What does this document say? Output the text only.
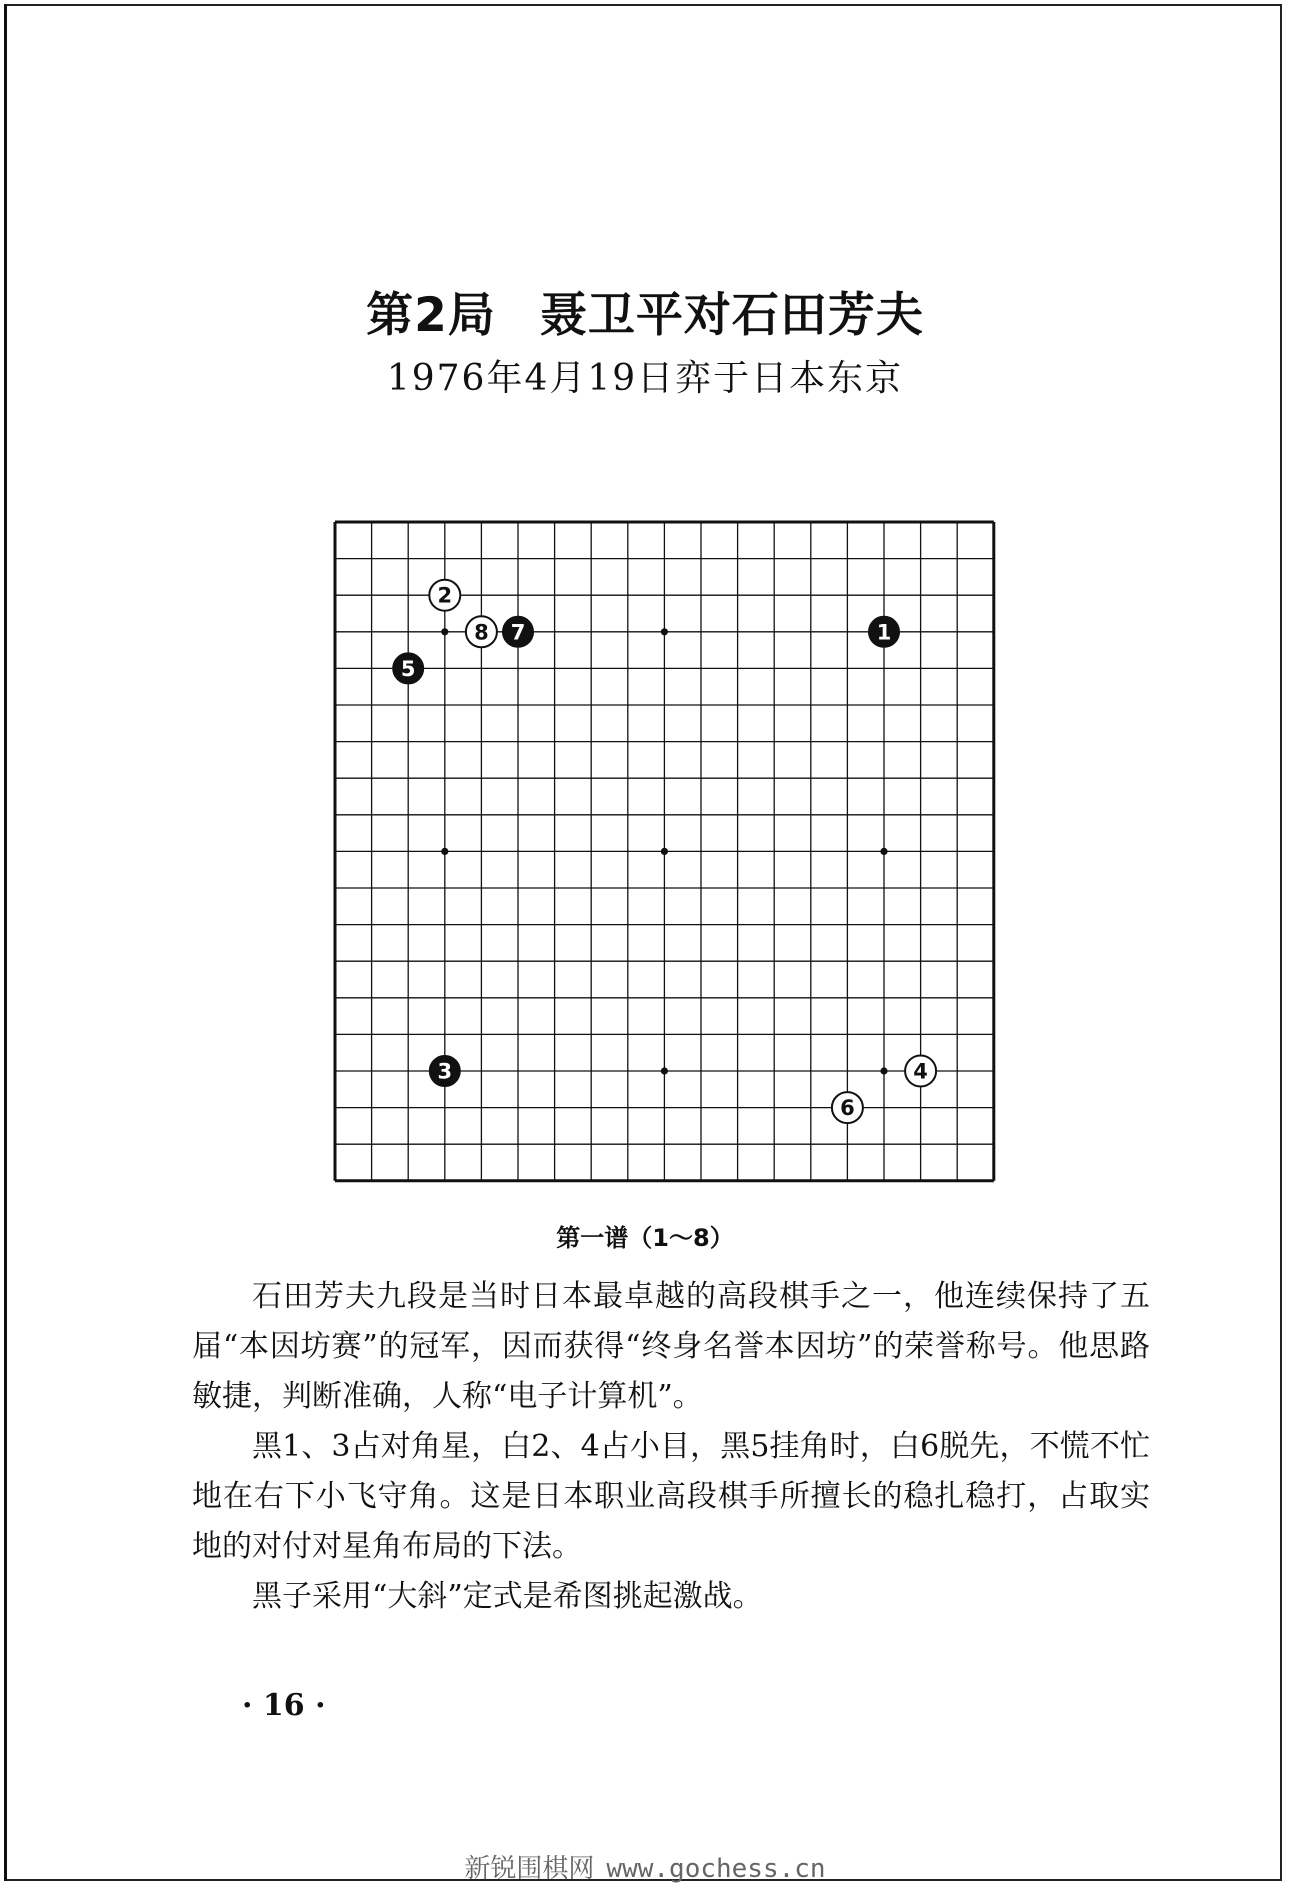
第2局 聂卫平对石田芳夫
1976年4月19日弈于日本东京
1
2
3	4
5
6
7
8
第一谱（1～8）

石田芳夫九段是当时日本最卓越的高段棋手之一，他连续保持了五届“本因坊赛”的冠军，因而获得“终身名誉本因坊”的荣誉称号。他思路敏捷，判断准确，人称“电子计算机”。

黑1、3占对角星，白2、4占小目，黑5挂角时，白6脱先，不慌不忙地在右下小飞守角。这是日本职业高段棋手所擅长的稳扎稳打，占取实地的对付对星角布局的下法。

黑子采用“大斜”定式是希图挑起激战。

· 16 ·
新锐围棋网 www.gochess.cn
